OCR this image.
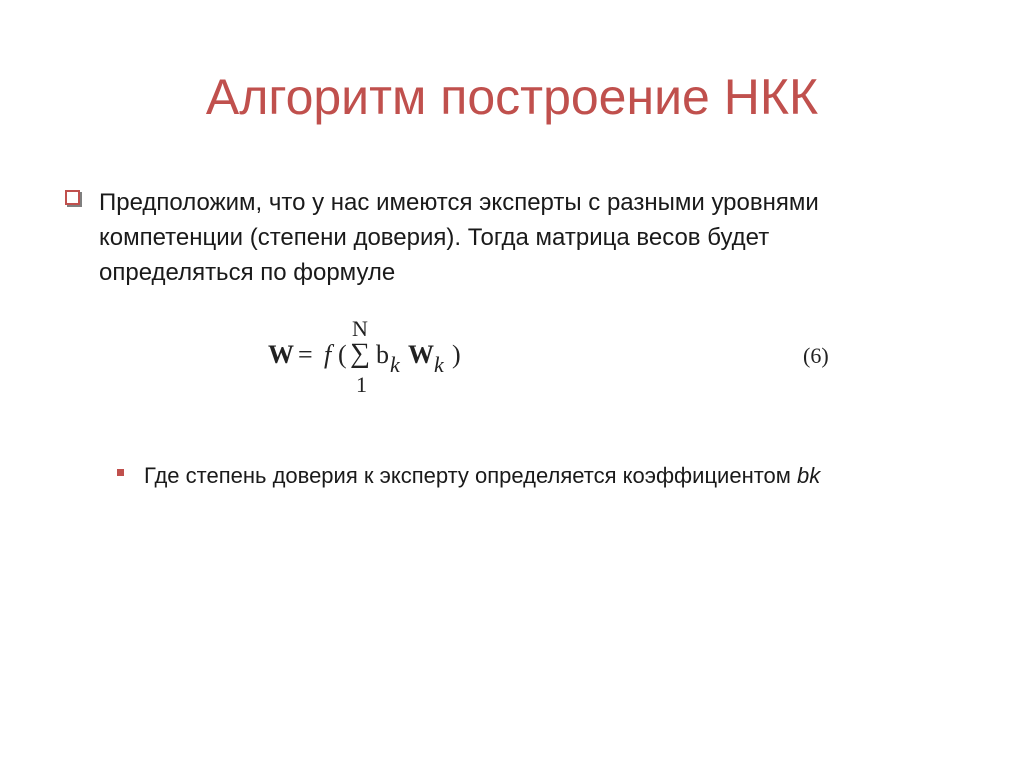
Алгоритм построение НКК
Предположим, что у нас имеются эксперты с разными уровнями компетенции (степени доверия). Тогда матрица весов будет определяться по формуле
W = f (
N
∑
1
b k W k )	(6)
Где степень доверия к эксперту определяется коэффициентом bk
